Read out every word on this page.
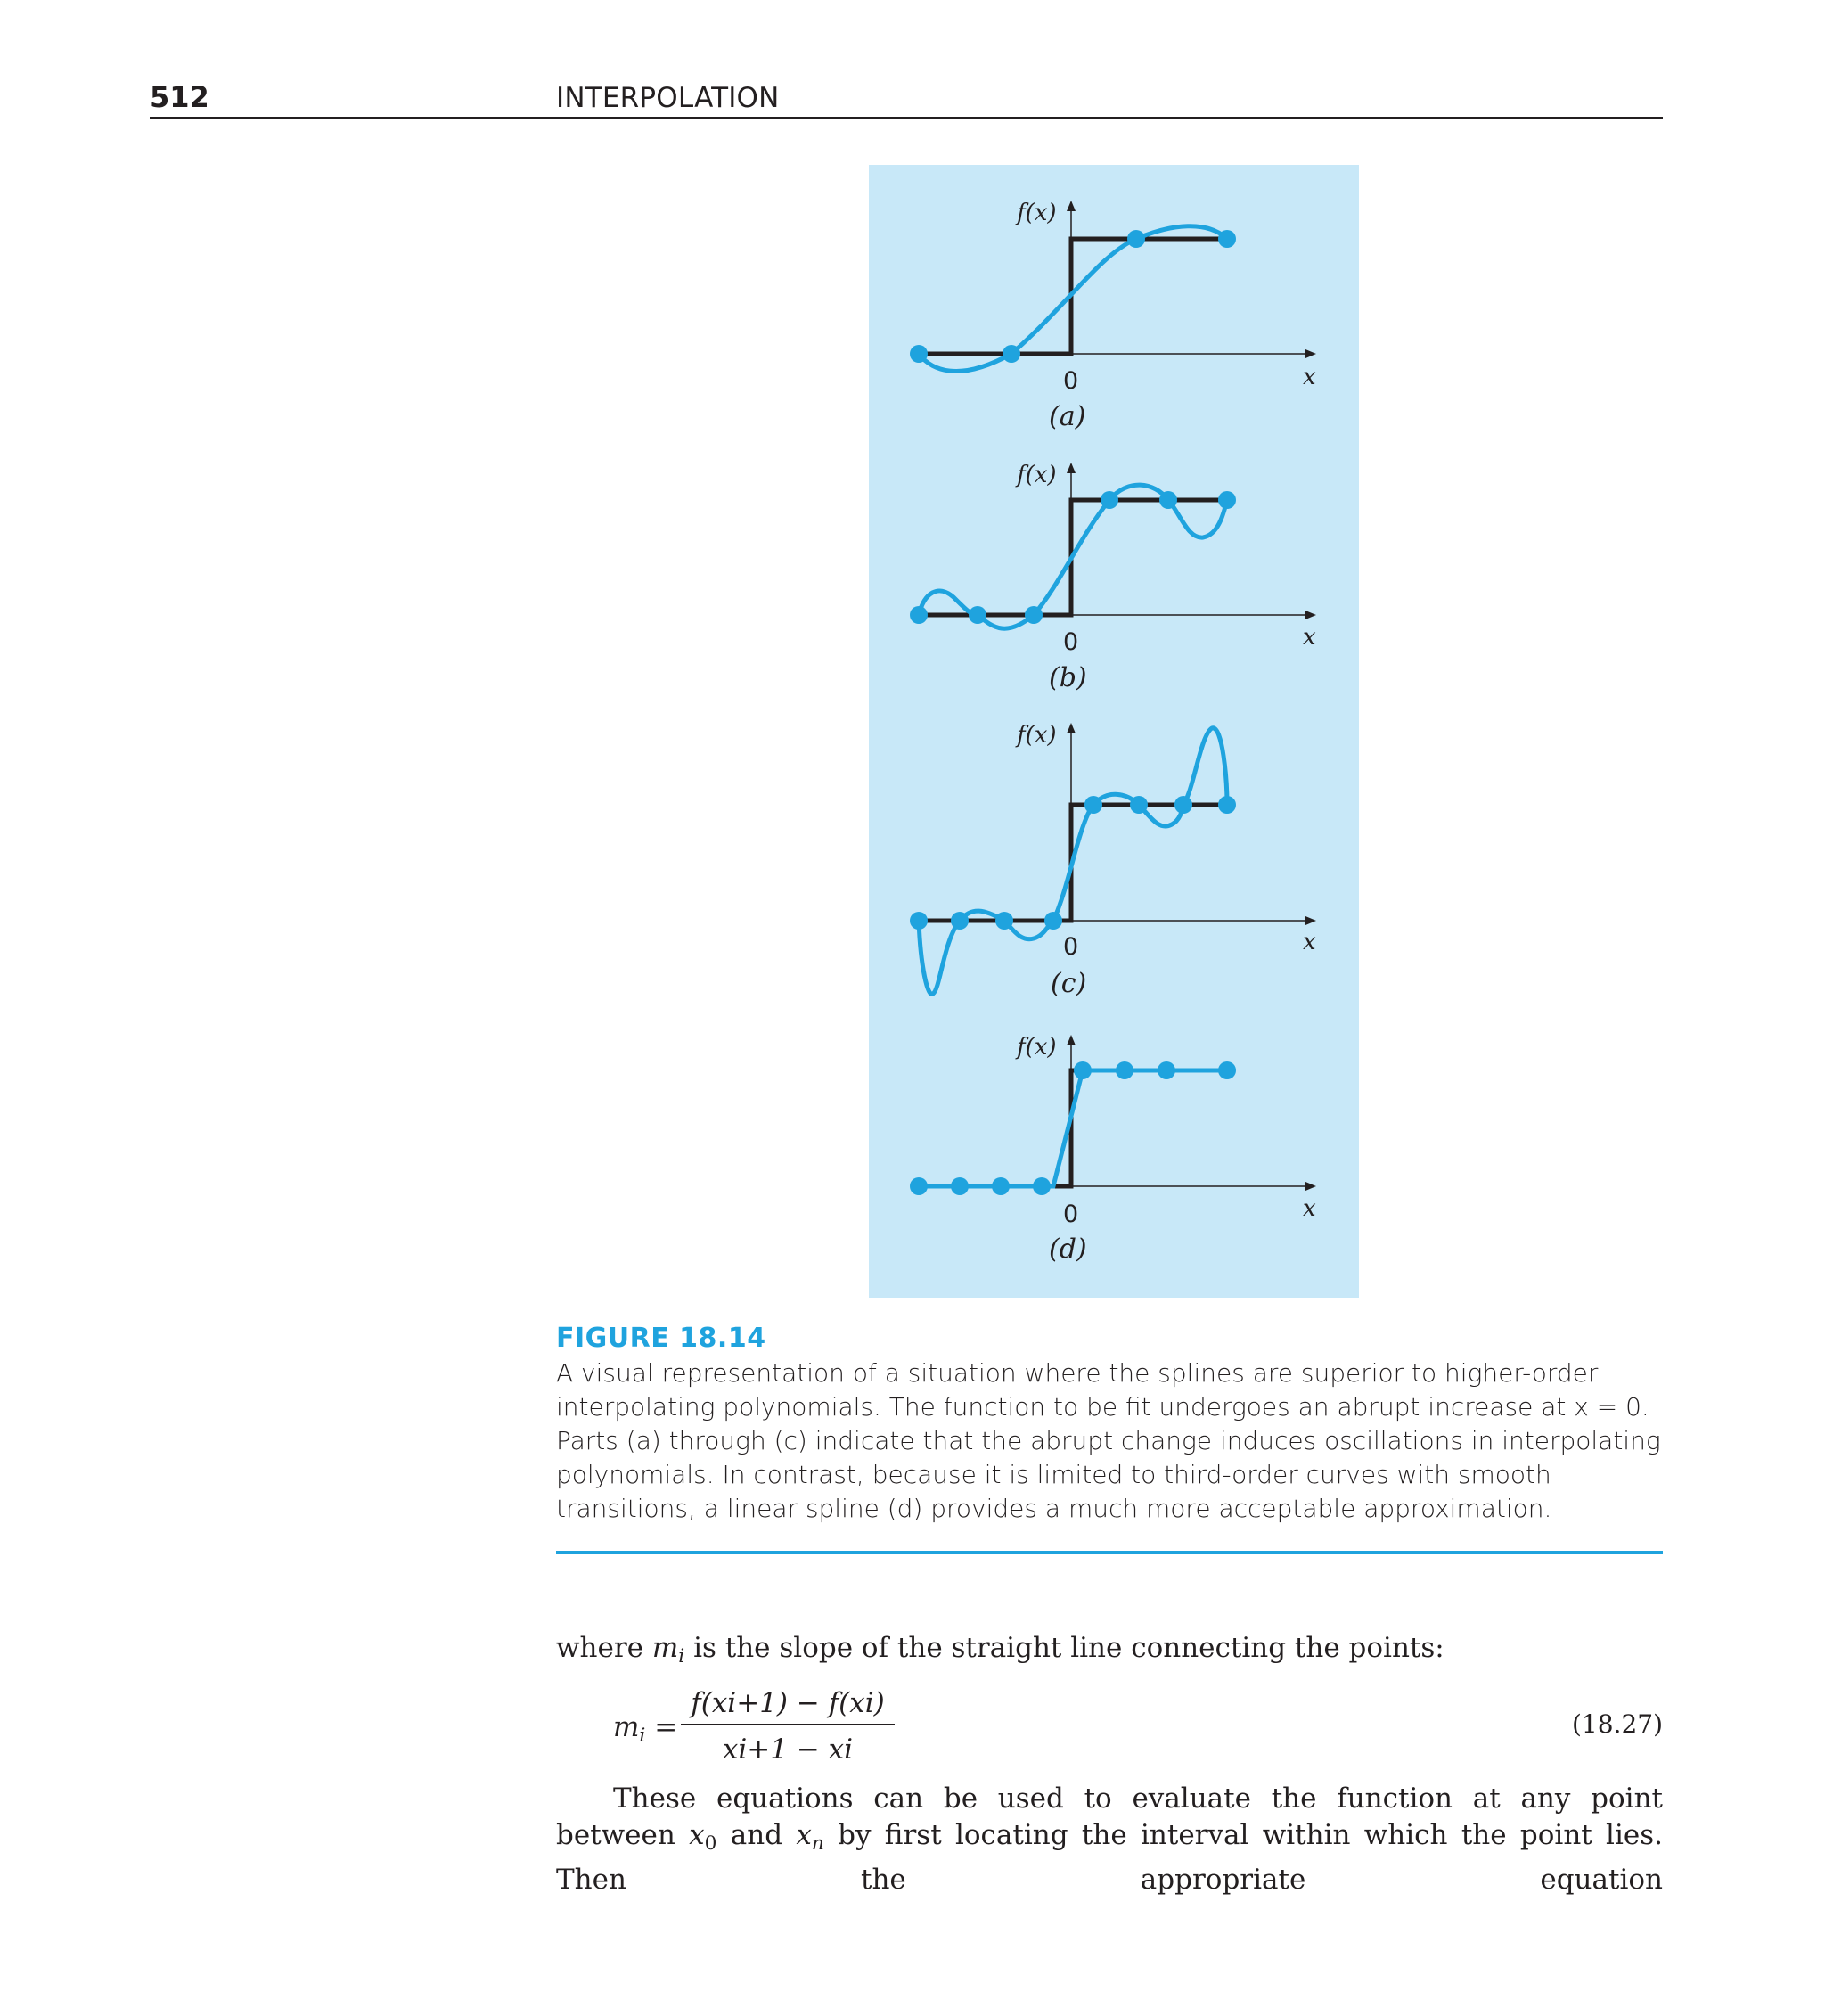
512	INTERPOLATION
f(x)
x
0
(a)
f(x)
x
0
(b)
f(x)
x
0
(c)
f(x)
x
0
(d)
FIGURE 18.14
A visual representation of a situation where the splines are superior to higher-order interpolating polynomials. The function to be fit undergoes an abrupt increase at x = 0. Parts (a) through (c) indicate that the abrupt change induces oscillations in interpolating polynomials. In contrast, because it is limited to third-order curves with smooth transitions, a linear spline (d) provides a much more acceptable approximation.
where $m_i$ is the slope of the straight line connecting the points:
$m_i$ =
f(xi+1) − f(xi)
xi+1 − xi
(18.27)
These equations can be used to evaluate the function at any point between $x_0$ and $x_n$ by first locating the interval within which the point lies. Then the appropriate equation
